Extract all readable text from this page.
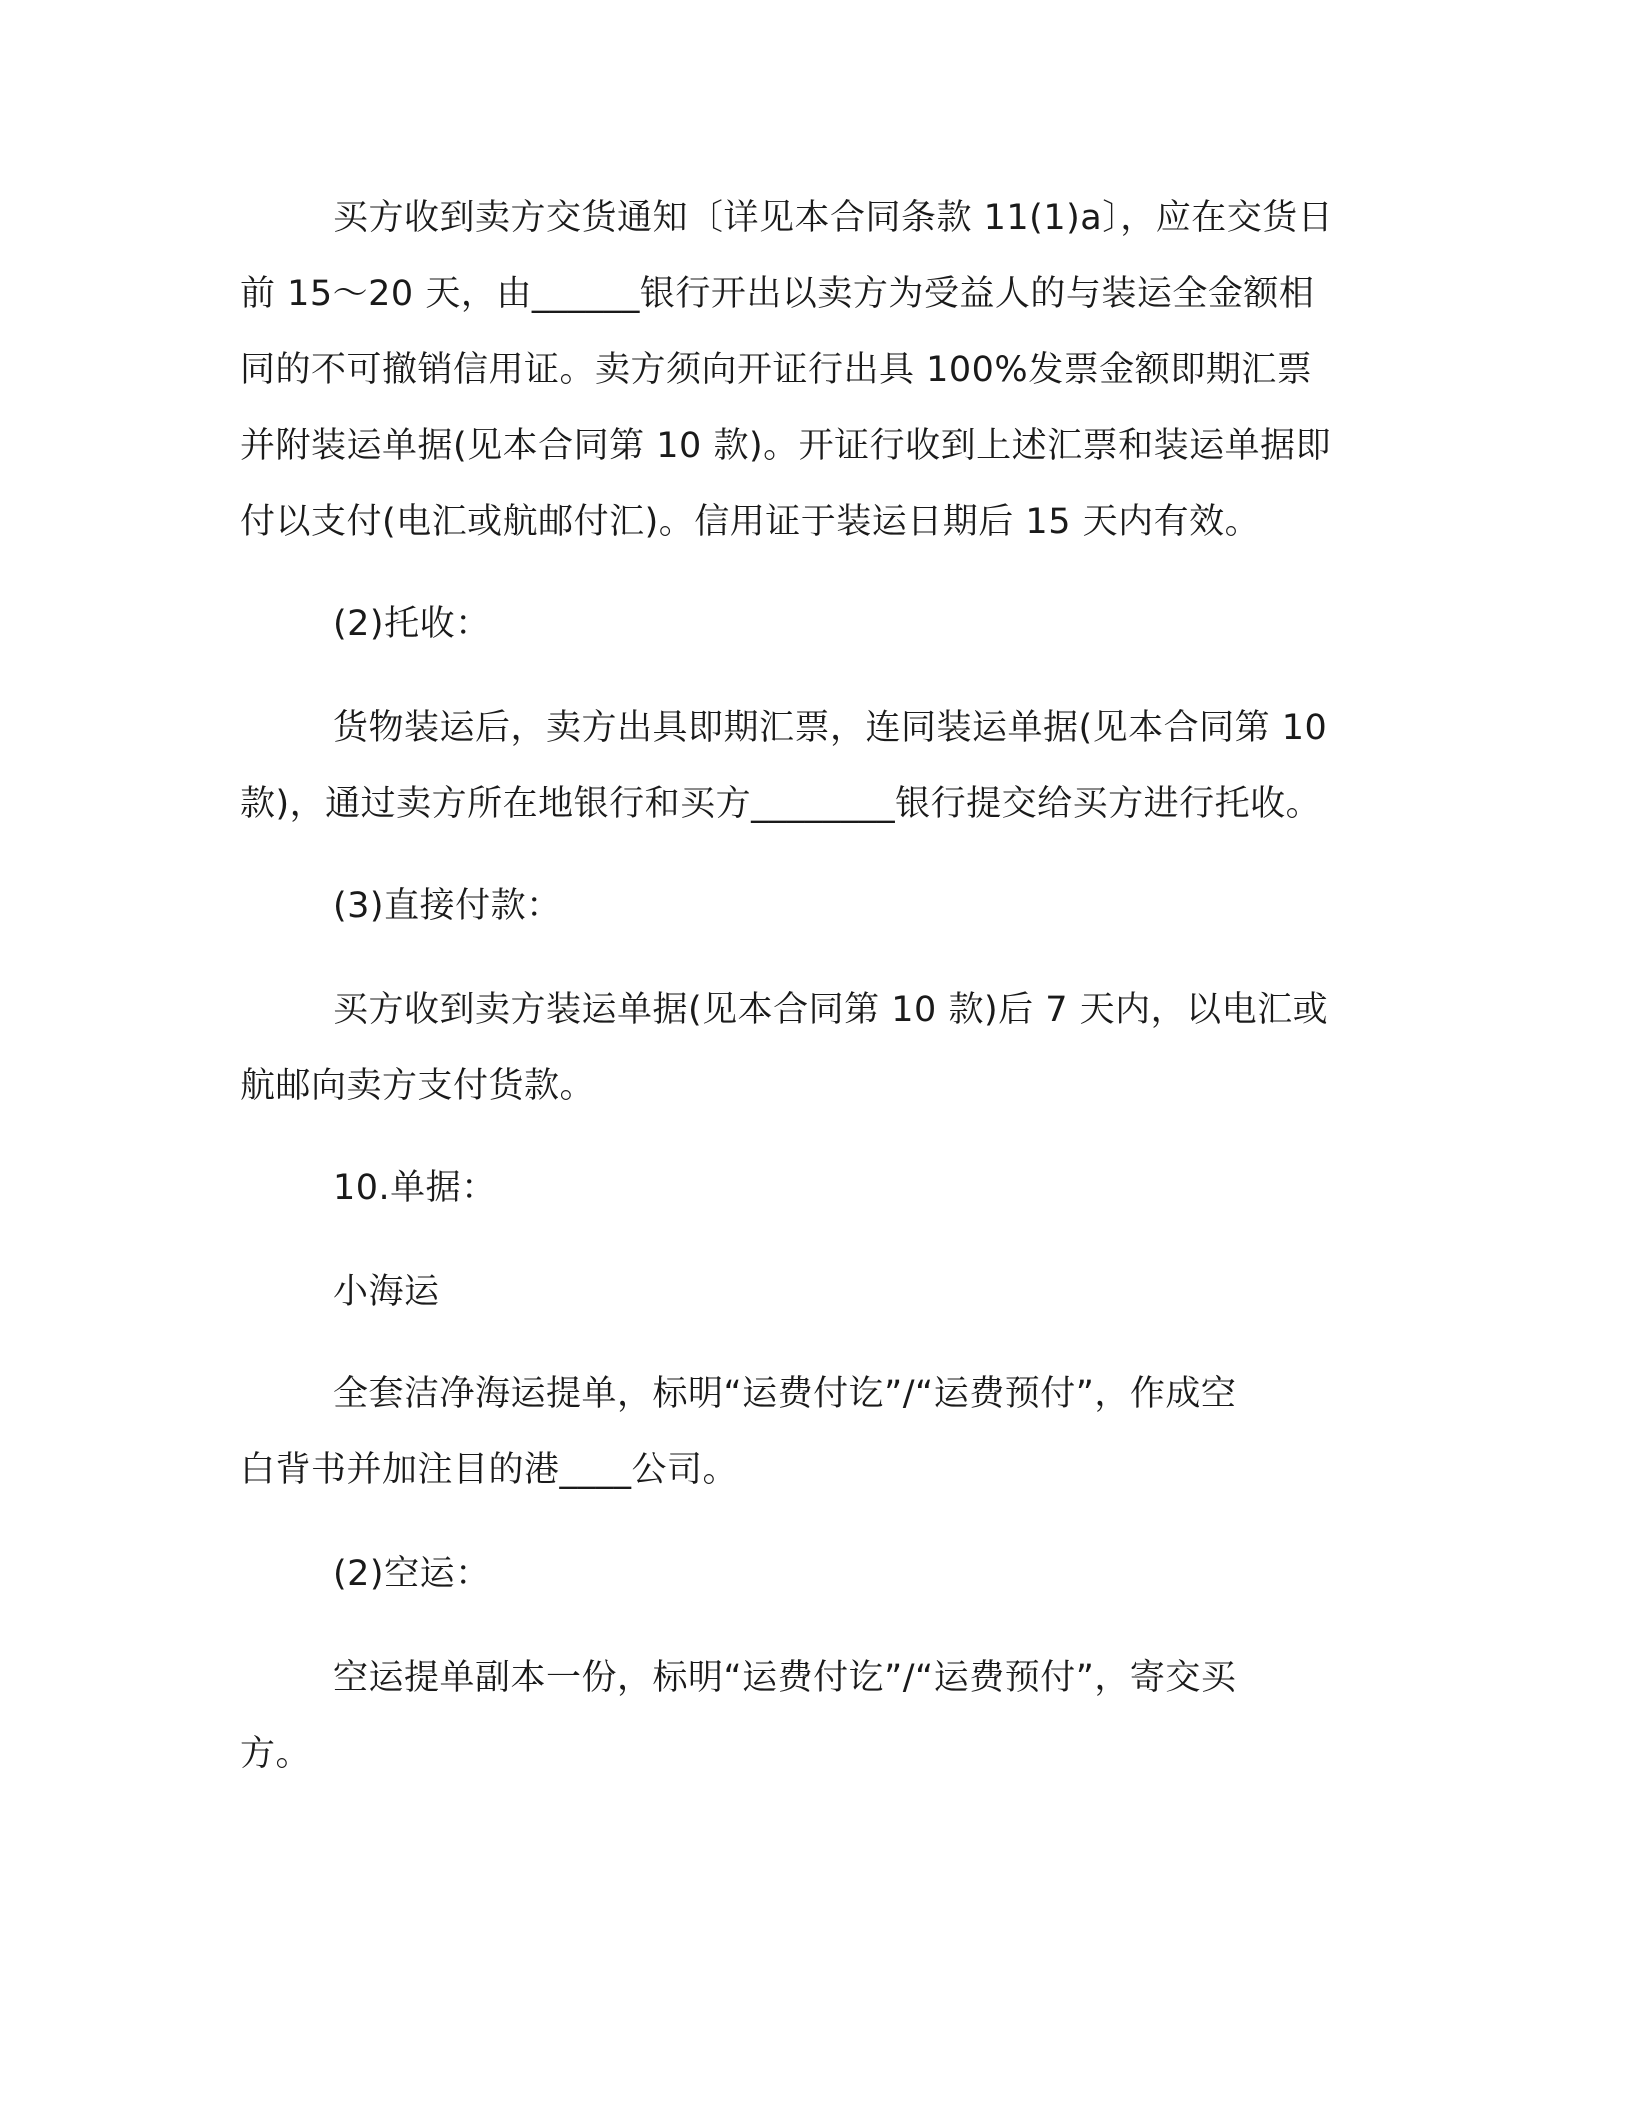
买方收到卖方交货通知〔详见本合同条款 11(1)a〕，应在交货日
前 15～20 天，由______银行开出以卖方为受益人的与装运全金额相
同的不可撤销信用证。卖方须向开证行出具 100%发票金额即期汇票
并附装运单据(见本合同第 10 款)。开证行收到上述汇票和装运单据即
付以支付(电汇或航邮付汇)。信用证于装运日期后 15 天内有效。
(2)托收：
货物装运后，卖方出具即期汇票，连同装运单据(见本合同第 10
款)，通过卖方所在地银行和买方________银行提交给买方进行托收。
(3)直接付款：
买方收到卖方装运单据(见本合同第 10 款)后 7 天内，以电汇或
航邮向卖方支付货款。
10.单据：
小海运
全套洁净海运提单，标明“运费付讫”/“运费预付”，作成空
白背书并加注目的港____公司。
(2)空运：
空运提单副本一份，标明“运费付讫”/“运费预付”，寄交买
方。
